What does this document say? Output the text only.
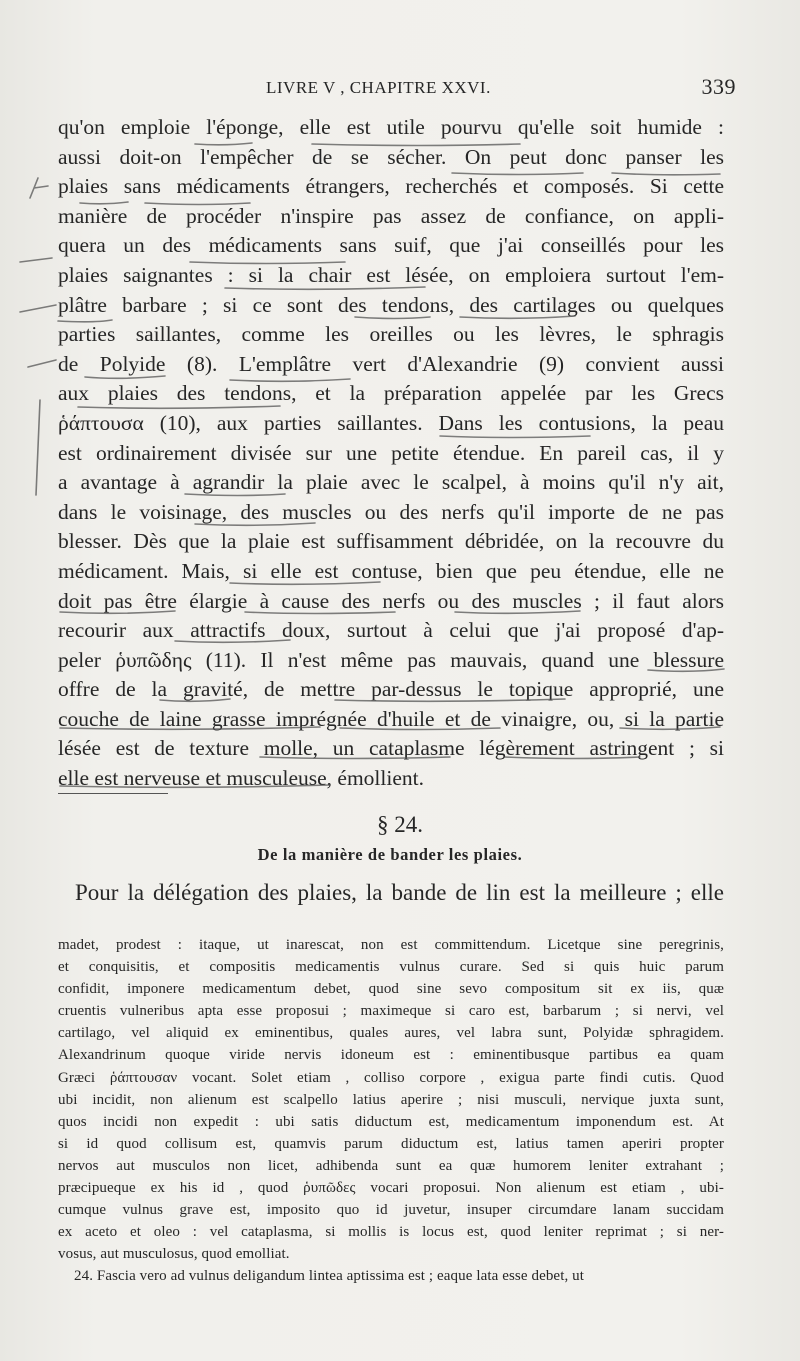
LIVRE V , CHAPITRE XXVI.	339

qu'on emploie l'éponge, elle est utile pourvu qu'elle soit humide :

aussi doit-on l'empêcher de se sécher. On peut donc panser les

plaies sans médicaments étrangers, recherchés et composés. Si cette

manière de procéder n'inspire pas assez de confiance, on appli-

quera un des médicaments sans suif, que j'ai conseillés pour les

plaies saignantes : si la chair est lésée, on emploiera surtout l'em-

plâtre barbare ; si ce sont des tendons, des cartilages ou quelques

parties saillantes, comme les oreilles ou les lèvres, le sphragis

de Polyide (8). L'emplâtre vert d'Alexandrie (9) convient aussi

aux plaies des tendons, et la préparation appelée par les Grecs

ῥάπτουσα (10), aux parties saillantes. Dans les contusions, la peau

est ordinairement divisée sur une petite étendue. En pareil cas, il y

a avantage à agrandir la plaie avec le scalpel, à moins qu'il n'y ait,

dans le voisinage, des muscles ou des nerfs qu'il importe de ne pas

blesser. Dès que la plaie est suffisamment débridée, on la recouvre du

médicament. Mais, si elle est contuse, bien que peu étendue, elle ne

doit pas être élargie à cause des nerfs ou des muscles ; il faut alors

recourir aux attractifs doux, surtout à celui que j'ai proposé d'ap-

peler ῥυπῶδης (11). Il n'est même pas mauvais, quand une blessure

offre de la gravité, de mettre par-dessus le topique approprié, une

couche de laine grasse imprégnée d'huile et de vinaigre, ou, si la partie

lésée est de texture molle, un cataplasme légèrement astringent ; si

elle est nerveuse et musculeuse, émollient.

§ 24.
De la manière de bander les plaies.
Pour la délégation des plaies, la bande de lin est la meilleure ; elle

madet, prodest : itaque, ut inarescat, non est committendum. Licetque sine peregrinis,

et conquisitis, et compositis medicamentis vulnus curare. Sed si quis huic parum

confidit, imponere medicamentum debet, quod sine sevo compositum sit ex iis, quæ

cruentis vulneribus apta esse proposui ; maximeque si caro est, barbarum ; si nervi, vel

cartilago, vel aliquid ex eminentibus, quales aures, vel labra sunt, Polyidæ sphragidem.

Alexandrinum quoque viride nervis idoneum est : eminentibusque partibus ea quam

Græci ῥάπτουσαν vocant. Solet etiam , colliso corpore , exigua parte findi cutis. Quod

ubi incidit, non alienum est scalpello latius aperire ; nisi musculi, nervique juxta sunt,

quos incidi non expedit : ubi satis diductum est, medicamentum imponendum est. At

si id quod collisum est, quamvis parum diductum est, latius tamen aperiri propter

nervos aut musculos non licet, adhibenda sunt ea quæ humorem leniter extrahant ;

præcipueque ex his id , quod ῥυπῶδες vocari proposui. Non alienum est etiam , ubi-

cumque vulnus grave est, imposito quo id juvetur, insuper circumdare lanam succidam

ex aceto et oleo : vel cataplasma, si mollis is locus est, quod leniter reprimat ; si ner-

vosus, aut musculosus, quod emolliat.

24. Fascia vero ad vulnus deligandum lintea aptissima est ; eaque lata esse debet, ut
